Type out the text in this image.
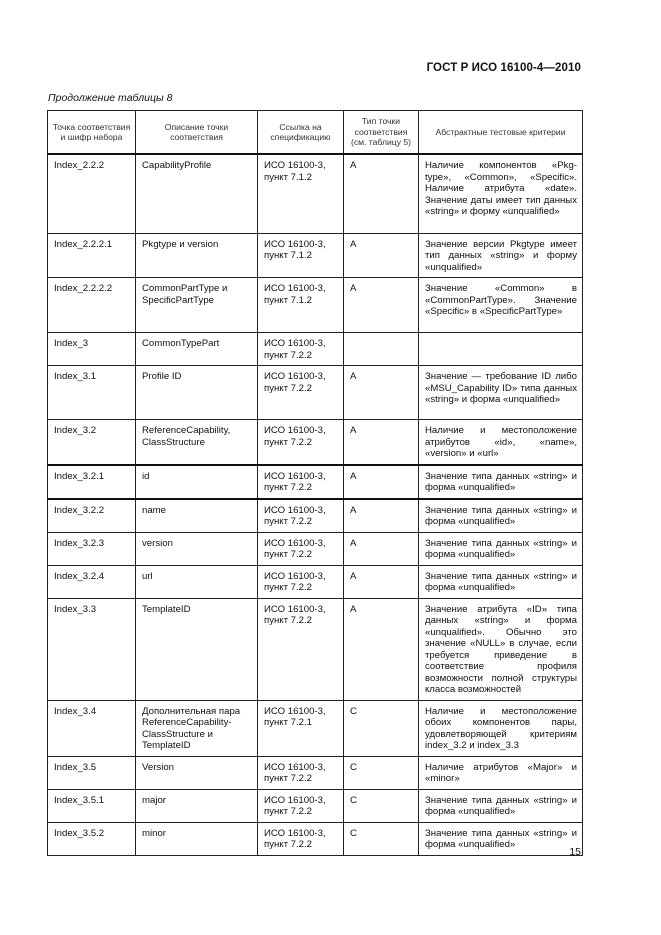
ГОСТ Р ИСО 16100-4—2010
Продолжение таблицы 8
Точка соответствия и шифр набора	Описание точки соответствия	Ссылка на спецификацию	Тип точки соответствия (см. таблицу 5)	Абстрактные тестовые критерии
Index_2.2.2	CapabilityProfile	ИСО 16100-3, пункт 7.1.2	A	Наличие компонентов «Pkg-type», «Common», «Specific». Наличие атрибута «date». Значение даты имеет тип данных «string» и форму «unqualified»
Index_2.2.2.1	Pkgtype и version	ИСО 16100-3, пункт 7.1.2	A	Значение версии Pkgtype имеет тип данных «string» и форму «unqualified»
Index_2.2.2.2	CommonPartType и SpecificPartType	ИСО 16100-3, пункт 7.1.2	A	Значение «Common» в «CommonPartType». Значение «Specific» в «SpecificPartType»
Index_3	CommonTypePart	ИСО 16100-3, пункт 7.2.2		
Index_3.1	Profile ID	ИСО 16100-3, пункт 7.2.2	A	Значение — требование ID либо «MSU_Capability ID» типа данных «string» и форма «unqualified»
Index_3.2	ReferenceCapability, ClassStructure	ИСО 16100-3, пункт 7.2.2	A	Наличие и местоположение атрибутов «id», «name», «version» и «url»
Index_3.2.1	id	ИСО 16100-3, пункт 7.2.2	A	Значение типа данных «string» и форма «unqualified»
Index_3.2.2	name	ИСО 16100-3, пункт 7.2.2	A	Значение типа данных «string» и форма «unqualified»
Index_3.2.3	version	ИСО 16100-3, пункт 7.2.2	A	Значение типа данных «string» и форма «unqualified»
Index_3.2.4	url	ИСО 16100-3, пункт 7.2.2	A	Значение типа данных «string» и форма «unqualified»
Index_3.3	TemplateID	ИСО 16100-3, пункт 7.2.2	A	Значение атрибута «ID» типа данных «string» и форма «unqualified». Обычно это значение «NULL» в случае, если требуется приведение в соответствие профиля возможности полной структуры класса возможностей
Index_3.4	Дополнительная пара ReferenceCapability-ClassStructure и TemplateID	ИСО 16100-3, пункт 7.2.1	C	Наличие и местоположение обоих компонентов пары, удовлетворяющей критериям index_3.2 и index_3.3
Index_3.5	Version	ИСО 16100-3, пункт 7.2.2	C	Наличие атрибутов «Major» и «minor»
Index_3.5.1	major	ИСО 16100-3, пункт 7.2.2	C	Значение типа данных «string» и форма «unqualified»
Index_3.5.2	minor	ИСО 16100-3, пункт 7.2.2	C	Значение типа данных «string» и форма «unqualified»
15
